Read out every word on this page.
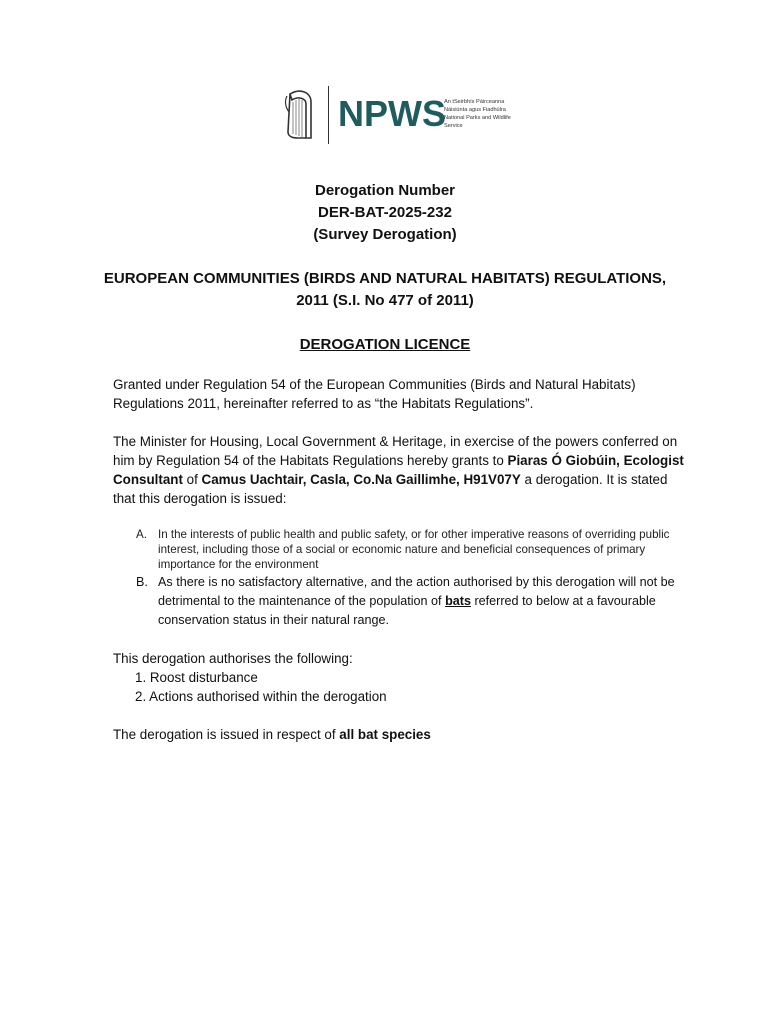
NPWS
An tSeirbhís Páirceanna
Náisiúnta agus Fiadhúlra
National Parks and Wildlife
Service
Derogation Number
DER-BAT-2025-232
(Survey Derogation)
EUROPEAN COMMUNITIES (BIRDS AND NATURAL HABITATS) REGULATIONS,
2011 (S.I. No 477 of 2011)
DEROGATION LICENCE
Granted under Regulation 54 of the European Communities (Birds and Natural Habitats) Regulations 2011, hereinafter referred to as “the Habitats Regulations”.
The Minister for Housing, Local Government & Heritage, in exercise of the powers conferred on him by Regulation 54 of the Habitats Regulations hereby grants to Piaras Ó Giobúin, Ecologist Consultant of Camus Uachtair, Casla, Co.Na Gaillimhe, H91V07Y a derogation. It is stated that this derogation is issued:
A. In the interests of public health and public safety, or for other imperative reasons of overriding public interest, including those of a social or economic nature and beneficial consequences of primary importance for the environment
B. As there is no satisfactory alternative, and the action authorised by this derogation will not be detrimental to the maintenance of the population of bats referred to below at a favourable conservation status in their natural range.
This derogation authorises the following:
1. Roost disturbance
2. Actions authorised within the derogation
The derogation is issued in respect of all bat species
